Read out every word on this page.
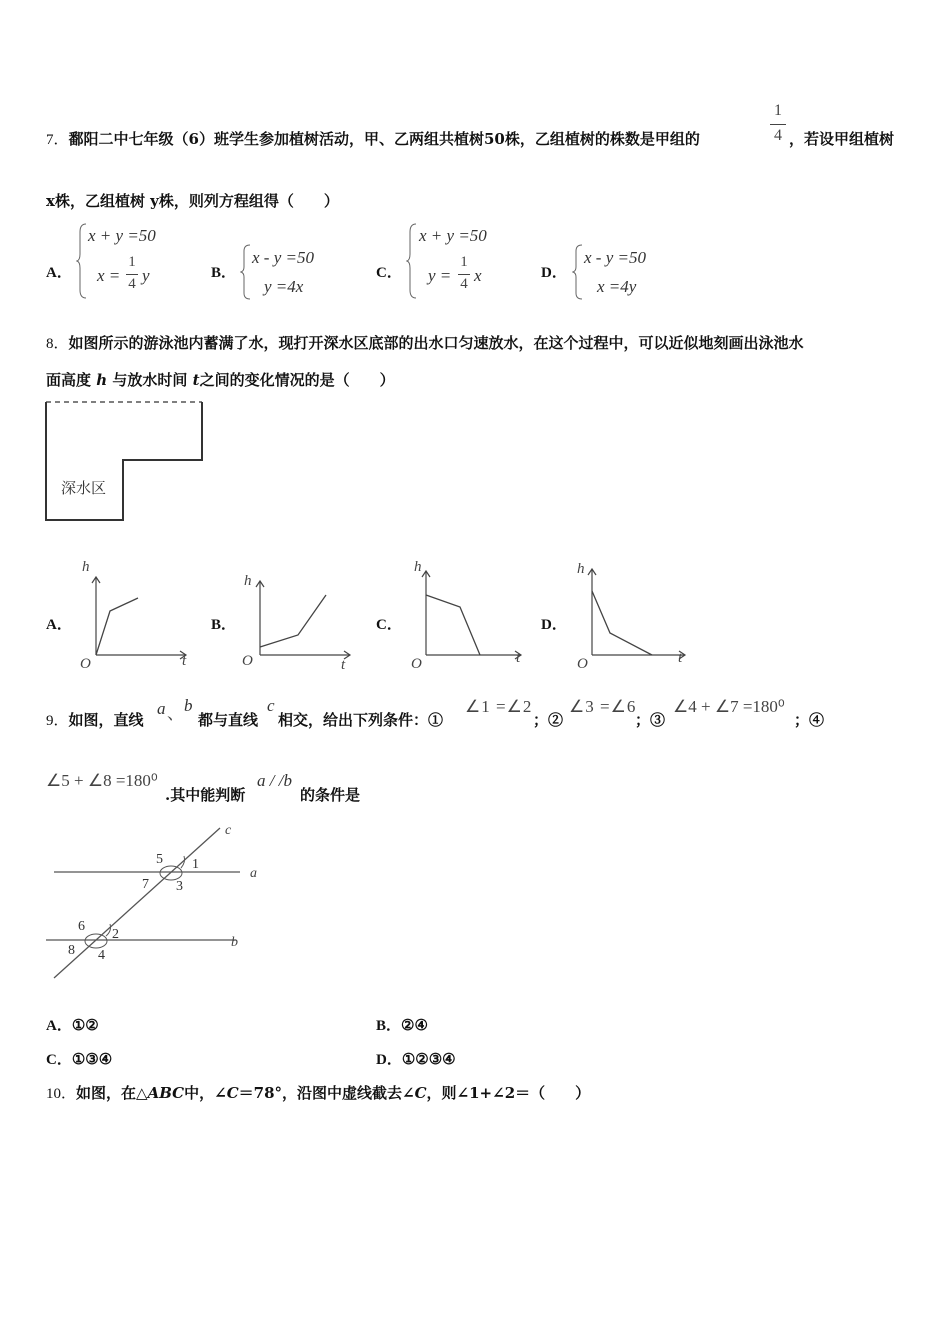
7．鄱阳二中七年级（6）班学生参加植树活动，甲、乙两组共植树50株，乙组植树的株数是甲组的
1
4 ，若设甲组植树
x株，乙组植树 y株，则列方程组得（　　）
A．
x + y =50
x =
1
4 y	B．
x - y =50
y =4x
C．
x + y =50
y =
1
4 x	D．
x - y =50
x =4y
8．如图所示的游泳池内蓄满了水，现打开深水区底部的出水口匀速放水，在这个过程中，可以近似地刻画出泳池水
面高度 h 与放水时间 t之间的变化情况的是（　　）
深水区
A．
h
t
O
B．
h
t
O
C．
h
t
O
D．
h
t
O
9．如图，直线
a 、 b
都与直线
c
相交，给出下列条件：①
∠1 =∠2
；②
∠3 =∠6
；③
∠4 + ∠7 =180⁰
；④
∠5 + ∠8 =180⁰
.其中能判断
a / /b
的条件是
c
a
b
1
5
7 3
6
2
8 4
A．①②	B．②④
C．①③④	D．①②③④
10．如图，在△ABC中，∠C＝78°，沿图中虚线截去∠C，则∠1+∠2＝（　　）
